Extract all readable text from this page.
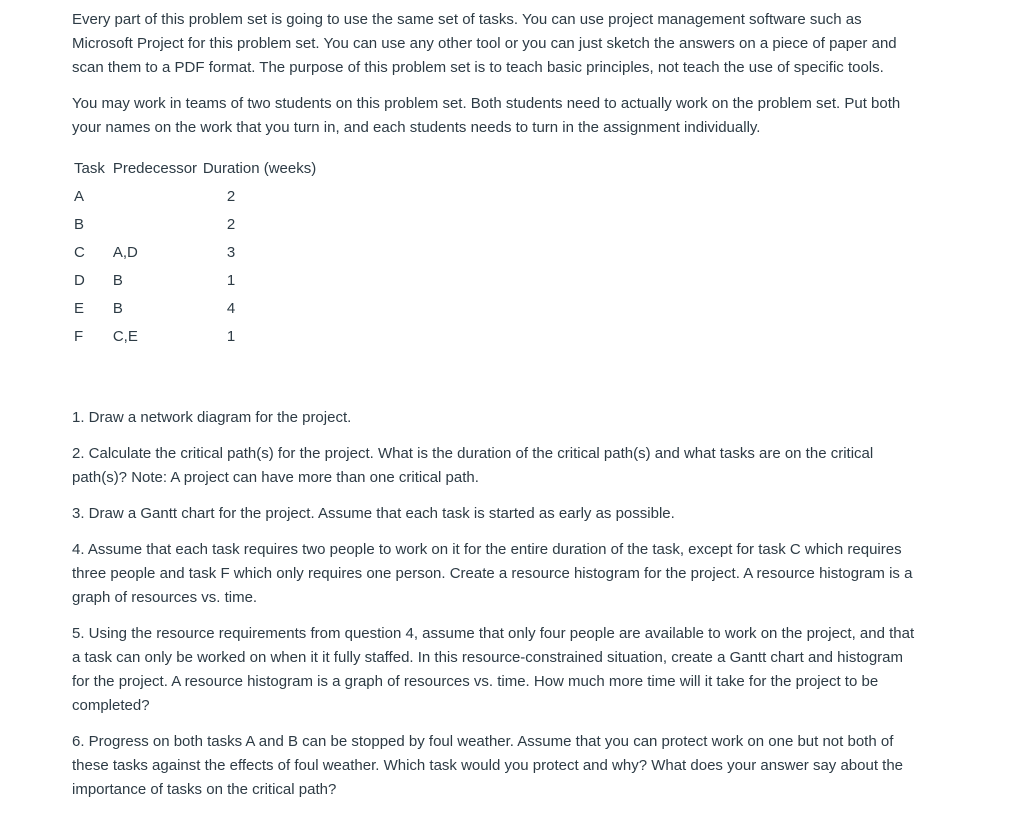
Every part of this problem set is going to use the same set of tasks. You can use project management software such as Microsoft Project for this problem set. You can use any other tool or you can just sketch the answers on a piece of paper and scan them to a PDF format. The purpose of this problem set is to teach basic principles, not teach the use of specific tools.

You may work in teams of two students on this problem set. Both students need to actually work on the problem set. Put both your names on the work that you turn in, and each students needs to turn in the assignment individually.

Task	Predecessor	Duration (weeks)
A		2
B		2
C	A,D	3
D	B	1
E	B	4
F	C,E	1

1. Draw a network diagram for the project.

2. Calculate the critical path(s) for the project. What is the duration of the critical path(s) and what tasks are on the critical path(s)? Note: A project can have more than one critical path.

3. Draw a Gantt chart for the project. Assume that each task is started as early as possible.

4. Assume that each task requires two people to work on it for the entire duration of the task, except for task C which requires three people and task F which only requires one person. Create a resource histogram for the project. A resource histogram is a graph of resources vs. time.

5. Using the resource requirements from question 4, assume that only four people are available to work on the project, and that a task can only be worked on when it it fully staffed. In this resource-constrained situation, create a Gantt chart and histogram for the project. A resource histogram is a graph of resources vs. time. How much more time will it take for the project to be completed?

6. Progress on both tasks A and B can be stopped by foul weather. Assume that you can protect work on one but not both of these tasks against the effects of foul weather. Which task would you protect and why? What does your answer say about the importance of tasks on the critical path?
